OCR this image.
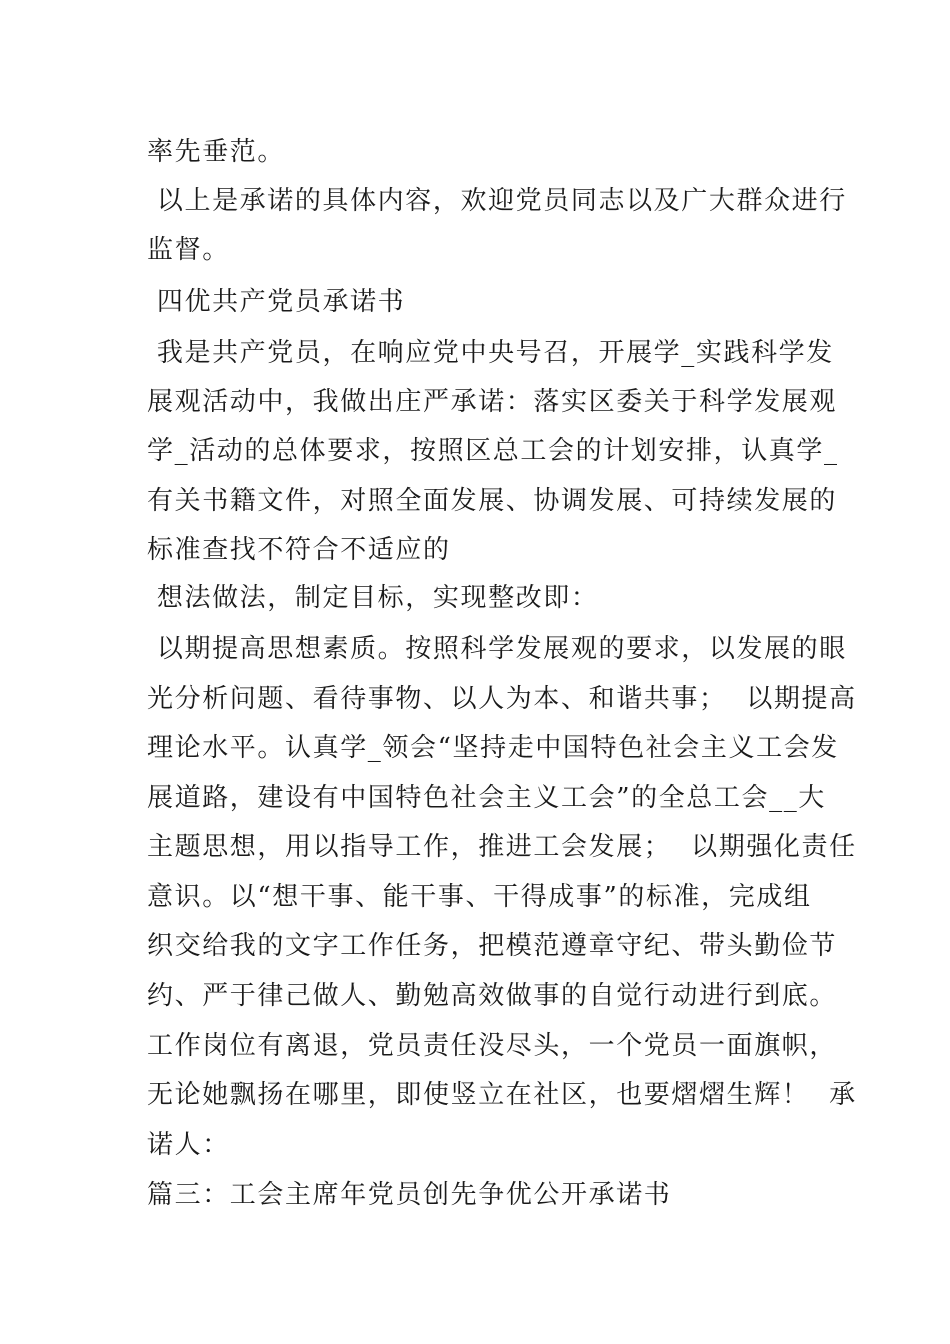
率先垂范。
以上是承诺的具体内容，欢迎党员同志以及广大群众进行
监督。
四优共产党员承诺书
我是共产党员，在响应党中央号召，开展学_实践科学发
展观活动中，我做出庄严承诺：落实区委关于科学发展观
学_活动的总体要求，按照区总工会的计划安排，认真学_
有关书籍文件，对照全面发展、协调发展、可持续发展的
标准查找不符合不适应的
想法做法，制定目标，实现整改即：
以期提高思想素质。按照科学发展观的要求，以发展的眼
光分析问题、看待事物、以人为本、和谐共事；  以期提高
理论水平。认真学_领会“坚持走中国特色社会主义工会发
展道路，建设有中国特色社会主义工会”的全总工会__大
主题思想，用以指导工作，推进工会发展；  以期强化责任
意识。以“想干事、能干事、干得成事”的标准，完成组
织交给我的文字工作任务，把模范遵章守纪、带头勤俭节
约、严于律己做人、勤勉高效做事的自觉行动进行到底。
工作岗位有离退，党员责任没尽头，一个党员一面旗帜，
无论她飘扬在哪里，即使竖立在社区，也要熠熠生辉！  承
诺人：
篇三：工会主席年党员创先争优公开承诺书
